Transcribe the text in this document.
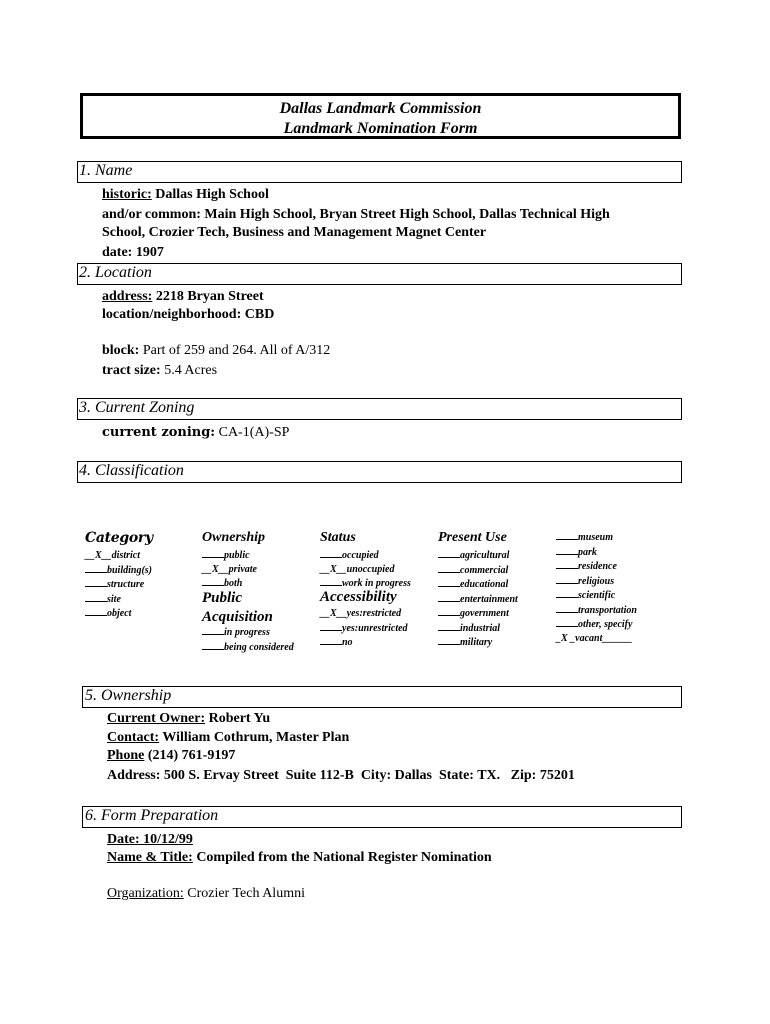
Dallas Landmark Commission
Landmark Nomination Form
1. Name
historic: Dallas High School
and/or common: Main High School, Bryan Street High School, Dallas Technical High
School, Crozier Tech, Business and Management Magnet Center
date: 1907
2. Location
address: 2218 Bryan Street
location/neighborhood: CBD
block: Part of 259 and 264. All of A/312
tract size: 5.4 Acres
3. Current Zoning
current zoning: CA-1(A)-SP
4. Classification
Category
__X__district
building(s)
structure
site
object
Ownership
public
__X__private
both
Public
Acquisition
in progress
being considered
Status
occupied
__X__unoccupied
work in progress
Accessibility
__X__yes:restricted
yes:unrestricted
no
Present Use
agricultural
commercial
educational
entertainment
government
industrial
military
museum
park
residence
religious
scientific
transportation
other, specify
_X _vacant______
5. Ownership
Current Owner: Robert Yu
Contact: William Cothrum, Master Plan
Phone (214) 761-9197
Address: 500 S. Ervay Street  Suite 112-B  City: Dallas  State: TX.   Zip: 75201
6. Form Preparation
Date: 10/12/99
Name & Title: Compiled from the National Register Nomination
Organization: Crozier Tech Alumni
